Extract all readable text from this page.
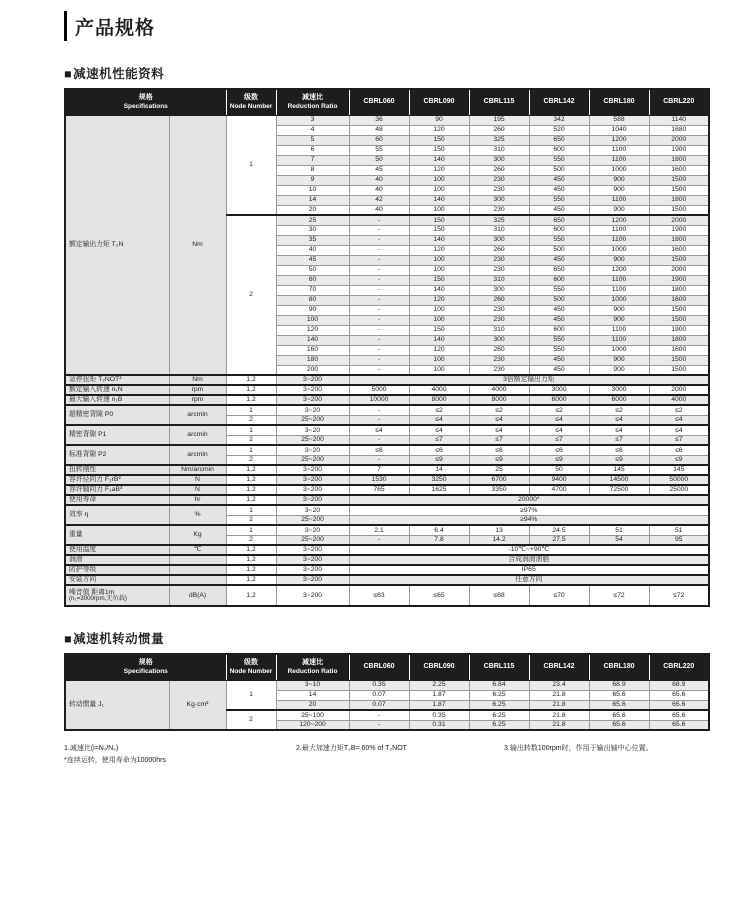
产品规格
■减速机性能资料
规格
Specifications

级数
Node Number

减速比
Reduction Ratio
	CBRL060	CBRL090	CBRL115	CBRL142	CBRL180	CBRL220
额定输出力矩 T₂N	Nm	1	3	36	90	195	342	588	1140
			4	48	120	260	520	1040	1680
			5	60	150	325	650	1200	2000
			6	55	150	310	600	1100	1900
			7	50	140	300	550	1100	1800
			8	45	120	260	500	1000	1600
			9	40	100	230	450	900	1500
			10	40	100	230	450	900	1500
			14	42	140	300	550	1100	1800
			20	40	100	230	450	900	1500
		2	25	-	150	325	650	1200	2000
			30	-	150	310	600	1100	1900
			35	-	140	300	550	1100	1800
			40	-	120	260	500	1000	1600
			45	-	100	230	450	900	1500
			50	-	100	230	650	1200	2000
			60	-	150	310	600	1100	1900
			70	-	140	300	550	1100	1800
			80	-	120	260	500	1000	1600
			90	-	100	230	450	900	1500
			100	-	100	230	450	900	1500
			120	-	150	310	600	1100	1900
			140	-	140	300	550	1100	1800
			160	-	120	260	550	1000	1600
			180	-	100	230	450	900	1500
			200	-	100	230	450	900	1500
急停扭矩 T₂NOT²	Nm	1,2	3~200	3倍额定输出力矩					
额定输入转速 n₁N	rpm	1,2	3~200	5000	4000	4000	3000	3000	2000
最大输入转速 n₁B	rpm	1,2	3~200	10000	8000	8000	6000	6000	4000
超精密背隙 P0	arcmin	1	3~20	-	≤2	≤2	≤2	≤2	≤2
		2	25~200	-	≤4	≤4	≤4	≤4	≤4
精密背隙 P1	arcmin	1	3~20	≤4	≤4	≤4	≤4	≤4	≤4
		2	25~200	-	≤7	≤7	≤7	≤7	≤7
标准背隙 P2	arcmin	1	3~20	≤6	≤6	≤6	≤6	≤6	≤6
		2	25~200	-	≤9	≤9	≤9	≤9	≤9
扭转刚性	Nm/arcmin	1,2	3~200	7	14	25	50	145	145
容许径向力 F₂rB²	N	1,2	3~200	1530	3250	6700	9400	14500	50000
容许轴向力 F₂aB³	N	1,2	3~200	765	1625	3350	4700	72500	25000
使用寿命	hr	1,2	3~200	20000*					
效率 η	%	1	3~20	≥97%					
		2	25~200	≥94%					
重量	Kg	1	3~20	2.1	6.4	13	24.5	51	51
		2	25~200	-	7.8	14.2	27.5	54	95
使用温度	℃	1,2	3~200	-10℃~+90℃					
润滑		1,2	3~200	合成润滑油脂					
防护等级		1,2	3~200	IP65					
安装方向		1,2	3~200	任意方向					

噪音值 距离1m
(n₁=3000rpm,无负载)	dB(A)	1,2	3~200	≤63	≤65	≤68	≤70	≤72	≤72
■减速机转动惯量
规格
Specifications

级数
Node Number

减速比
Reduction Ratio
	CBRL060	CBRL090	CBRL115	CBRL142	CBRL180	CBRL220
转动惯量 J₁	Kg·cm²	1	3~10	0.35	2.25	6.84	23.4	68.9	68.9
			14	0.07	1.87	6.25	21.8	65.6	65.6
			20	0.07	1.87	6.25	21.8	65.6	65.6
		2	25~100	-	0.35	6.25	21.8	65.6	65.6
			120~200	-	0.31	6.25	21.8	65.6	65.6
1.减速比(i=N₁/N₂)
*连续运转，使用寿命为10000hrs
2.最大加速力矩T₂B= 60% of T₂NOT	3.输出转数100rpm时，作用于输出轴中心位置。
